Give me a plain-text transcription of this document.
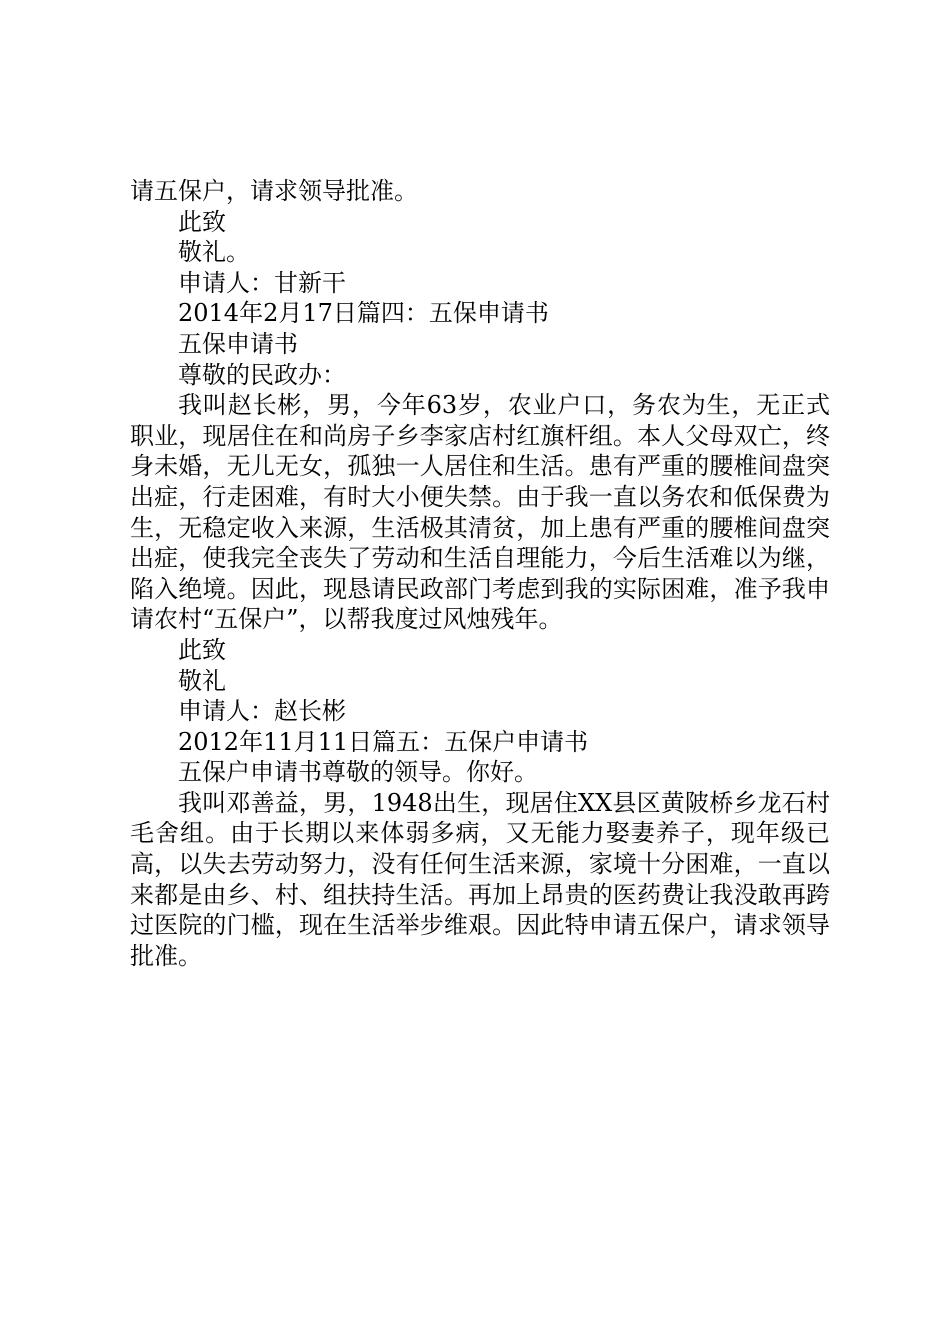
请五保户，请求领导批准。

此致

敬礼。

申请人：甘新干

2014年2月17日篇四：五保申请书

五保申请书

尊敬的民政办：

我叫赵长彬，男，今年63岁，农业户口，务农为生，无正式职业，现居住在和尚房子乡李家店村红旗杆组。本人父母双亡，终身未婚，无儿无女，孤独一人居住和生活。患有严重的腰椎间盘突出症，行走困难，有时大小便失禁。由于我一直以务农和低保费为生，无稳定收入来源，生活极其清贫，加上患有严重的腰椎间盘突出症，使我完全丧失了劳动和生活自理能力，今后生活难以为继，陷入绝境。因此，现恳请民政部门考虑到我的实际困难，准予我申请农村“五保户”，以帮我度过风烛残年。

此致

敬礼

申请人：赵长彬

2012年11月11日篇五：五保户申请书

五保户申请书尊敬的领导。你好。

我叫邓善益，男，1948出生，现居住XX县区黄陂桥乡龙石村毛舍组。由于长期以来体弱多病，又无能力娶妻养子，现年级已高，以失去劳动努力，没有任何生活来源，家境十分困难，一直以来都是由乡、村、组扶持生活。再加上昂贵的医药费让我没敢再跨过医院的门槛，现在生活举步维艰。因此特申请五保户，请求领导批准。
